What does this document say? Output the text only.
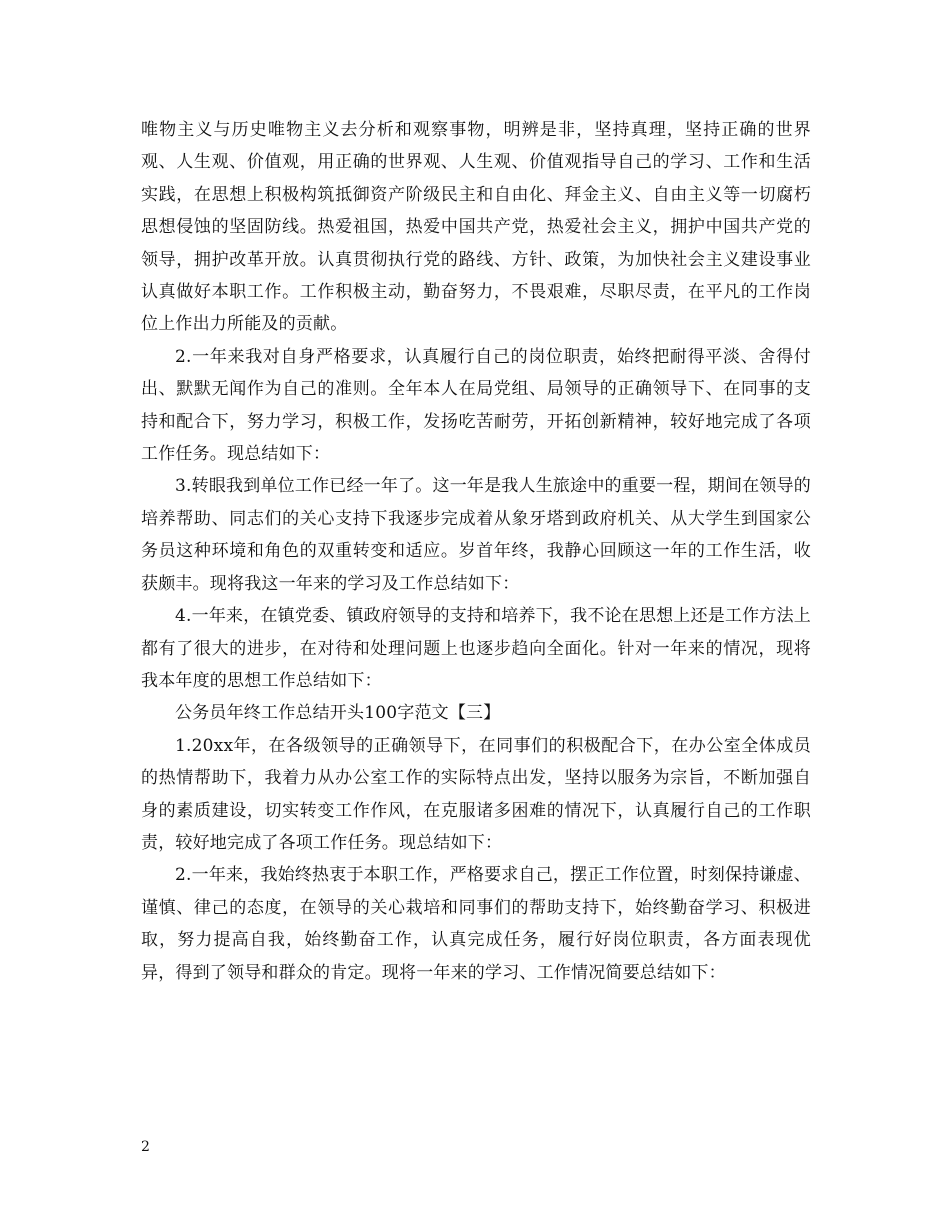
唯物主义与历史唯物主义去分析和观察事物，明辨是非，坚持真理，坚持正确的世界观、人生观、价值观，用正确的世界观、人生观、价值观指导自己的学习、工作和生活实践，在思想上积极构筑抵御资产阶级民主和自由化、拜金主义、自由主义等一切腐朽思想侵蚀的坚固防线。热爱祖国，热爱中国共产党，热爱社会主义，拥护中国共产党的领导，拥护改革开放。认真贯彻执行党的路线、方针、政策，为加快社会主义建设事业认真做好本职工作。工作积极主动，勤奋努力，不畏艰难，尽职尽责，在平凡的工作岗位上作出力所能及的贡献。

2.一年来我对自身严格要求，认真履行自己的岗位职责，始终把耐得平淡、舍得付出、默默无闻作为自己的准则。全年本人在局党组、局领导的正确领导下、在同事的支持和配合下，努力学习，积极工作，发扬吃苦耐劳，开拓创新精神，较好地完成了各项工作任务。现总结如下：

3.转眼我到单位工作已经一年了。这一年是我人生旅途中的重要一程，期间在领导的培养帮助、同志们的关心支持下我逐步完成着从象牙塔到政府机关、从大学生到国家公务员这种环境和角色的双重转变和适应。岁首年终，我静心回顾这一年的工作生活，收获颇丰。现将我这一年来的学习及工作总结如下：

4.一年来，在镇党委、镇政府领导的支持和培养下，我不论在思想上还是工作方法上都有了很大的进步，在对待和处理问题上也逐步趋向全面化。针对一年来的情况，现将我本年度的思想工作总结如下：

公务员年终工作总结开头100字范文【三】

1.20xx年，在各级领导的正确领导下，在同事们的积极配合下，在办公室全体成员的热情帮助下，我着力从办公室工作的实际特点出发，坚持以服务为宗旨，不断加强自身的素质建设，切实转变工作作风，在克服诸多困难的情况下，认真履行自己的工作职责，较好地完成了各项工作任务。现总结如下：

2.一年来，我始终热衷于本职工作，严格要求自己，摆正工作位置，时刻保持谦虚、谨慎、律己的态度，在领导的关心栽培和同事们的帮助支持下，始终勤奋学习、积极进取，努力提高自我，始终勤奋工作，认真完成任务，履行好岗位职责，各方面表现优异，得到了领导和群众的肯定。现将一年来的学习、工作情况简要总结如下：

2
